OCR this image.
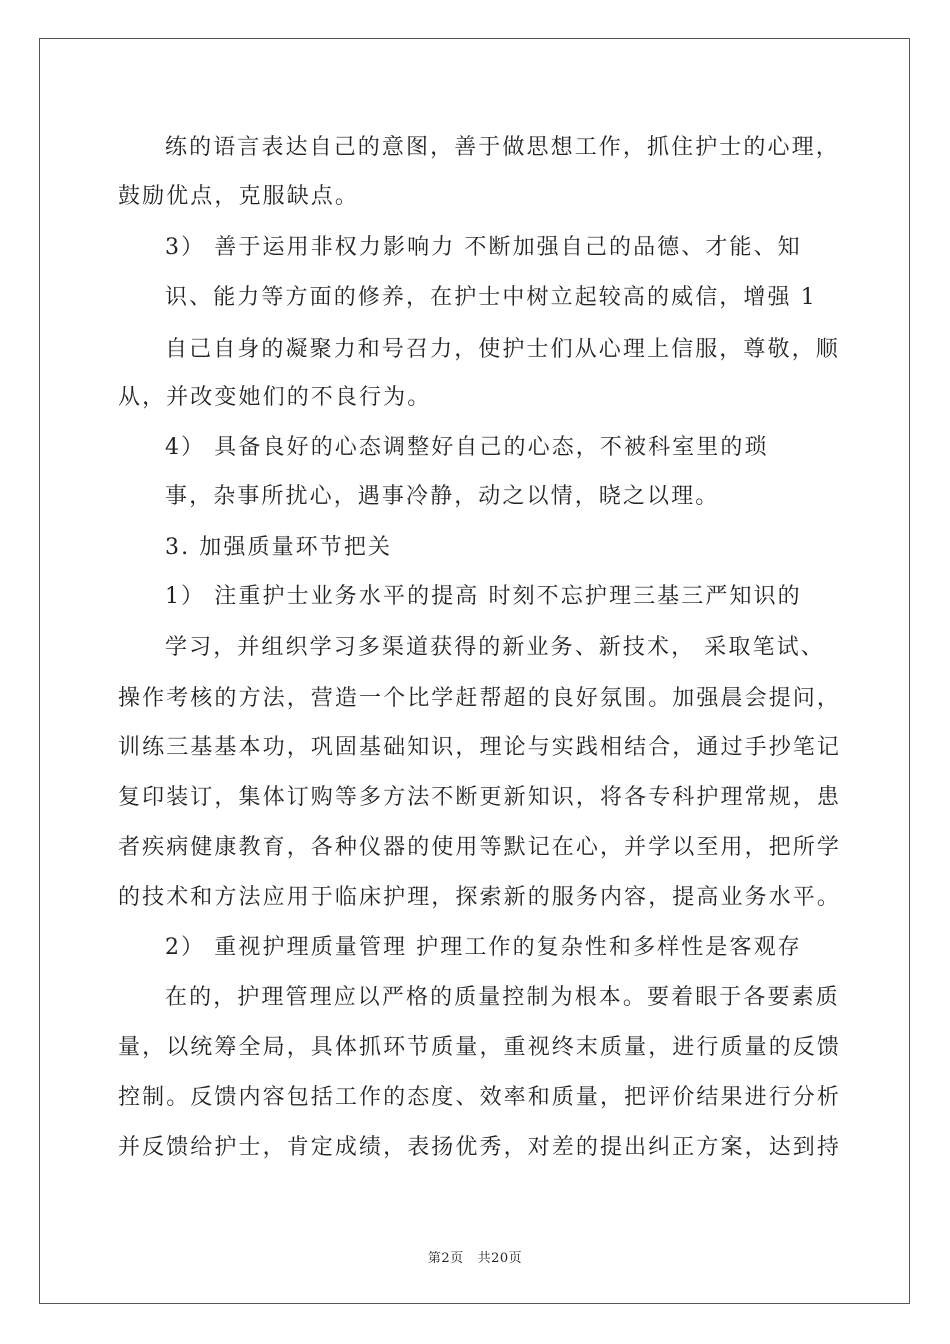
练的语言表达自己的意图，善于做思想工作，抓住护士的心理，
鼓励优点，克服缺点。
3） 善于运用非权力影响力 不断加强自己的品德、才能、知
识、能力等方面的修养，在护士中树立起较高的威信，增强 1
自己自身的凝聚力和号召力，使护士们从心理上信服，尊敬，顺
从，并改变她们的不良行为。
4） 具备良好的心态调整好自己的心态，不被科室里的琐
事，杂事所扰心，遇事冷静，动之以情，晓之以理。
3. 加强质量环节把关
1） 注重护士业务水平的提高 时刻不忘护理三基三严知识的
学习，并组织学习多渠道获得的新业务、新技术， 采取笔试、
操作考核的方法，营造一个比学赶帮超的良好氛围。加强晨会提问，
训练三基基本功，巩固基础知识，理论与实践相结合，通过手抄笔记
复印装订，集体订购等多方法不断更新知识，将各专科护理常规，患
者疾病健康教育，各种仪器的使用等默记在心，并学以至用，把所学
的技术和方法应用于临床护理，探索新的服务内容，提高业务水平。
2） 重视护理质量管理 护理工作的复杂性和多样性是客观存
在的，护理管理应以严格的质量控制为根本。要着眼于各要素质
量，以统筹全局，具体抓环节质量，重视终末质量，进行质量的反馈
控制。反馈内容包括工作的态度、效率和质量，把评价结果进行分析
并反馈给护士，肯定成绩，表扬优秀，对差的提出纠正方案，达到持
第2页 共20页
